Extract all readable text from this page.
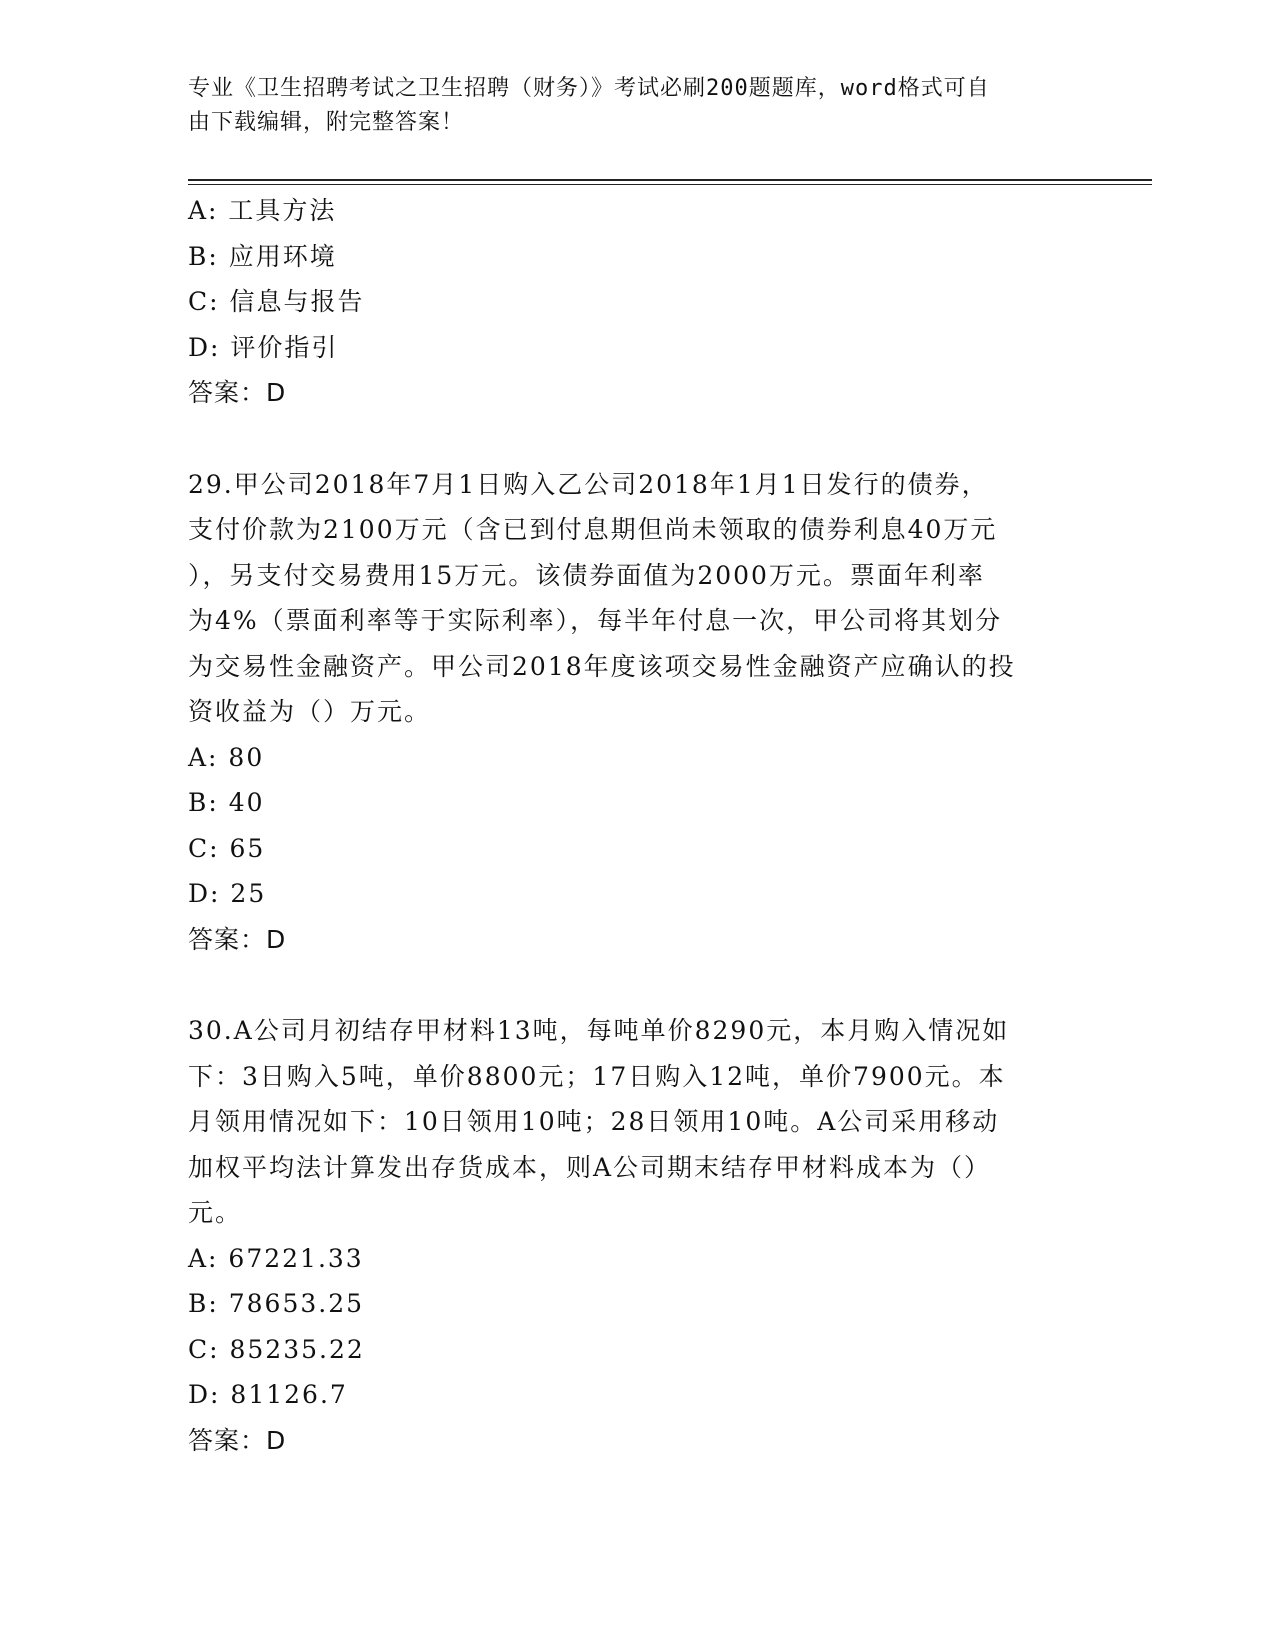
专业《卫生招聘考试之卫生招聘（财务）》考试必刷200题题库，word格式可自
由下载编辑，附完整答案！
A: 工具方法
B: 应用环境
C: 信息与报告
D: 评价指引
答案：D
29.甲公司2018年7月1日购入乙公司2018年1月1日发行的债券，
支付价款为2100万元（含已到付息期但尚未领取的债券利息40万元
），另支付交易费用15万元。该债券面值为2000万元。票面年利率
为4%（票面利率等于实际利率），每半年付息一次，甲公司将其划分
为交易性金融资产。甲公司2018年度该项交易性金融资产应确认的投
资收益为（）万元。
A: 80
B: 40
C: 65
D: 25
答案：D
30.A公司月初结存甲材料13吨，每吨单价8290元，本月购入情况如
下：3日购入5吨，单价8800元；17日购入12吨，单价7900元。本
月领用情况如下：10日领用10吨；28日领用10吨。A公司采用移动
加权平均法计算发出存货成本，则A公司期末结存甲材料成本为（）
元。
A: 67221.33
B: 78653.25
C: 85235.22
D: 81126.7
答案：D
